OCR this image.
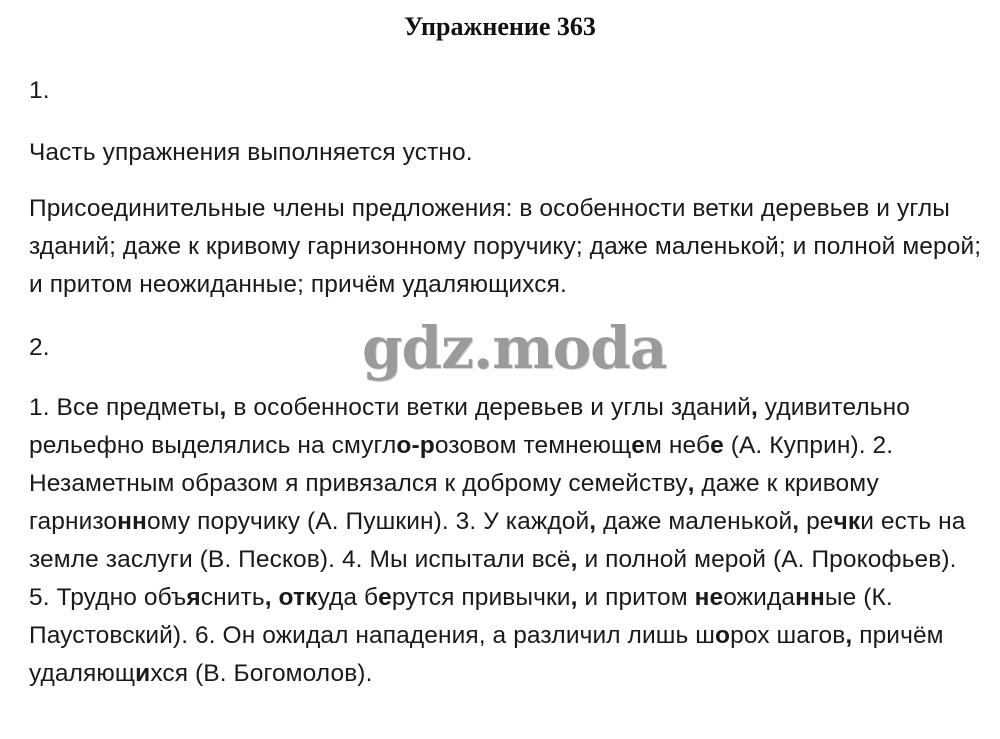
Упражнение 363
1.
Часть упражнения выполняется устно.
Присоединительные члены предложения: в особенности ветки деревьев и углы зданий; даже к кривому гарнизонному поручику; даже маленькой; и полной мерой; и притом неожиданные; причём удаляющихся.
2.
1. Все предметы, в особенности ветки деревьев и углы зданий, удивительно рельефно выделялись на смугло-розовом темнеющем небе (А. Куприн). 2. Незаметным образом я привязался к доброму семейству, даже к кривому гарнизонному поручику (А. Пушкин). 3. У каждой, даже маленькой, речки есть на земле заслуги (В. Песков). 4. Мы испытали всё, и полной мерой (А. Прокофьев). 5. Трудно объяснить, откуда берутся привычки, и притом неожиданные (К. Паустовский). 6. Он ожидал нападения, а различил лишь шорох шагов, причём удаляющихся (В. Богомолов).
gdz.moda
